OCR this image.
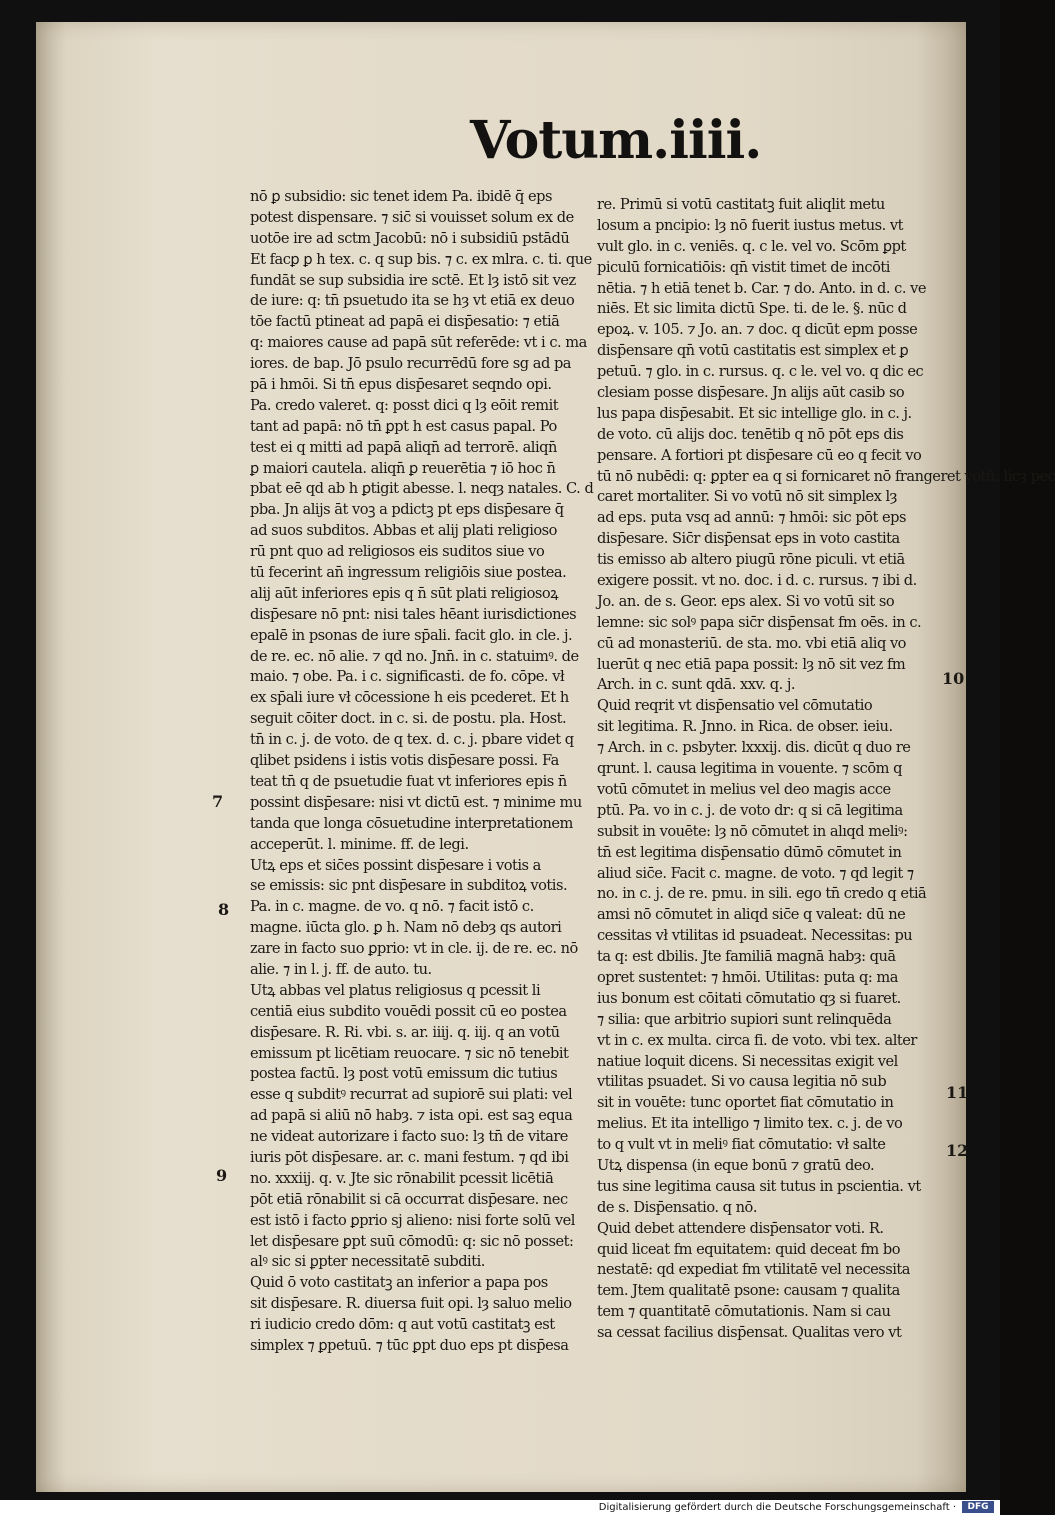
Votum.iiii.
nō ꝑ subsidio: sic tenet idem Pa. ibidē q̄ eps
potest dispensare. ⁊ sic̄ si vouisset solum ex de
uotōe ire ad sctm Jacobū: nō i subsidiū pstādū
Et facꝑ ꝑ h tex. c. q sup bis. ⁊ c. ex mlra. c. ti. que
fundāt se sup subsidia ire sctē. Et lȝ istō sit vez
de iure: q: tn̄ psuetudo ita se hȝ vt etiā ex deuo
tōe factū ptineat ad papā ei disp̄esatio: ⁊ etiā
q: maiores cause ad papā sūt referēde: vt i c. ma
iores. de bap. Jō psulo recurrēdū fore sg ad pa
pā i hmōi. Si tn̄ epus disp̄esaret seqndo opi.
Pa. credo valeret. q: posst dici q lȝ eōit remit
tant ad papā: nō tn̄ ꝑpt h est casus papal. Po
test ei q mitti ad papā aliqn̄ ad terrorē. aliqn̄
ꝑ maiori cautela. aliqn̄ ꝑ reuerētia ⁊ iō hoc n̄
pbat eē qd ab h ꝑtigit abesse. l. neqȝ natales. C. d
pba. Jn alijs āt voꝫ a pdictꝫ pt eps disp̄esare q̄
ad suos subditos. Abbas et alij plati religioso
rū pnt quo ad religiosos eis suditos siue vo
tū fecerint an̄ ingressum religiōis siue postea.
alij aūt inferiores epis q n̄ sūt plati religiosoꝝ
disp̄esare nō pnt: nisi tales hēant iurisdictiones
epalē in psonas de iure sp̄ali. facit glo. in cle. j.
de re. ec. nō alie. ⁊ qd no. Jnn̄. in c. statuimꝰ. de
maio. ⁊ obe. Pa. i c. significasti. de fo. cōpe. vł
ex sp̄ali iure vł cōcessione h eis pcederet. Et h
seguit cōiter doct. in c. si. de postu. pla. Host.
tn̄ in c. j. de voto. de q tex. d. c. j. pbare videt q
qlibet psidens i istis votis disp̄esare possi. Fa
teat tn̄ q de psuetudie fuat vt inferiores epis n̄
possint disp̄esare: nisi vt dictū est. ⁊ minime mu
tanda que longa cōsuetudine interpretationem
acceperūt. l. minime. ff. de legi.
Utꝝ eps et sic̄es possint disp̄esare i votis a
se emissis: sic pnt disp̄esare in subditoꝝ votis.
Pa. in c. magne. de vo. q nō. ⁊ facit istō c.
magne. iūcta glo. ꝑ h. Nam nō debȝ qs autori
zare in facto suo ꝑprio: vt in cle. ij. de re. ec. nō
alie. ⁊ in l. j. ff. de auto. tu.
Utꝝ abbas vel platus religiosus q pcessit li
centiā eius subdito vouēdi possit cū eo postea
disp̄esare. R. Ri. vbi. s. ar. iiij. q. iij. q an votū
emissum pt licētiam reuocare. ⁊ sic nō tenebit
postea factū. lȝ post votū emissum dic tutius
esse q subditꝰ recurrat ad supiorē sui plati: vel
ad papā si aliū nō habȝ. ⁊ ista opi. est saꝫ equa
ne videat autorizare i facto suo: lȝ tn̄ de vitare
iuris pōt disp̄esare. ar. c. mani festum. ⁊ qd ibi
no. xxxiij. q. v. Jte sic rōnabilit pcessit licētiā
pōt etiā rōnabilit si cā occurrat disp̄esare. nec
est istō i facto ꝑprio sj alieno: nisi forte solū vel
let disp̄esare ꝑpt suū cōmodū: q: sic nō posset:
alꝰ sic si ꝑpter necessitatē subditi.
Quid ō voto castitatꝫ an inferior a papa pos
sit disp̄esare. R. diuersa fuit opi. lȝ saluo melio
ri iudicio credo dōm: q aut votū castitatꝫ est
simplex ⁊ ꝑpetuū. ⁊ tūc ꝑpt duo eps pt disp̄esa
re. Primū si votū castitatꝫ fuit aliqlit metu
losum a pncipio: lȝ nō fuerit iustus metus. vt
vult glo. in c. veniēs. q. c le. vel vo. Scōm ꝑpt
piculū fornicatiōis: qn̄ vistit timet de incōti
nētia. ⁊ h etiā tenet b. Car. ⁊ do. Anto. in d. c. ve
niēs. Et sic limita dictū Spe. ti. de le. §. nūc d
epoꝝ. v. 105. ⁊ Jo. an. ⁊ doc. q dicūt epm posse
disp̄ensare qn̄ votū castitatis est simplex et ꝑ
petuū. ⁊ glo. in c. rursus. q. c le. vel vo. q dic ec
clesiam posse disp̄esare. Jn alijs aūt casib so
lus papa disp̄esabit. Et sic intellige glo. in c. j.
de voto. cū alijs doc. tenētib q nō pōt eps dis
pensare. A fortiori pt disp̄esare cū eo q fecit vo
tū nō nubēdi: q: ꝑpter ea q si fornicaret nō frangeret votū: licȝ pec
caret mortaliter. Si vo votū nō sit simplex lȝ
ad eps. puta vsq ad annū: ⁊ hmōi: sic pōt eps
disp̄esare. Sic̄r disp̄ensat eps in voto castita
tis emisso ab altero piugū rōne piculi. vt etiā
exigere possit. vt no. doc. i d. c. rursus. ⁊ ibi d.
Jo. an. de s. Geor. eps alex. Si vo votū sit so
lemne: sic solꝰ papa sic̄r disp̄ensat fm oēs. in c.
cū ad monasteriū. de sta. mo. vbi etiā aliq vo
luerūt q nec etiā papa possit: lȝ nō sit vez fm
Arch. in c. sunt qdā. xxv. q. j.
Quid reqrit vt disp̄ensatio vel cōmutatio
sit legitima. R. Jnno. in Rica. de obser. ieiu.
⁊ Arch. in c. psbyter. lxxxij. dis. dicūt q duo re
qrunt. l. causa legitima in vouente. ⁊ scōm q
votū cōmutet in melius vel deo magis acce
ptū. Pa. vo in c. j. de voto dr: q si cā legitima
subsit in vouēte: lȝ nō cōmutet in alıqd meliꝰ:
tn̄ est legitima disp̄ensatio dūmō cōmutet in
aliud sic̄e. Facit c. magne. de voto. ⁊ qd legit ⁊
no. in c. j. de re. pmu. in sili. ego tn̄ credo q etiā
amsi nō cōmutet in aliqd sic̄e q valeat: dū ne
cessitas vł vtilitas id psuadeat. Necessitas: pu
ta q: est dbilis. Jte familiā magnā habȝ: quā
opret sustentet: ⁊ hmōi. Utilitas: puta q: ma
ius bonum est cōitati cōmutatio qȝ si fuaret.
⁊ silia: que arbitrio supiori sunt relinquēda
vt in c. ex multa. circa fi. de voto. vbi tex. alter
natiue loquit dicens. Si necessitas exigit vel
vtilitas psuadet. Si vo causa legitia nō sub
sit in vouēte: tunc oportet fiat cōmutatio in
melius. Et ita intelligo ⁊ limito tex. c. j. de vo
to q vult vt in meliꝰ fiat cōmutatio: vł salte
Utꝝ dispensa (in eque bonū ⁊ gratū deo.
tus sine legitima causa sit tutus in pscientia. vt
de s. Disp̄ensatio. q nō.
Quid debet attendere disp̄ensator voti. R.
quid liceat fm equitatem: quid deceat fm bo
nestatē: qd expediat fm vtilitatē vel necessita
tem. Jtem qualitatē psone: causam ⁊ qualita
tem ⁊ quantitatē cōmutationis. Nam si cau
sa cessat facilius disp̄ensat. Qualitas vero vt
7
8
9
10
11
12
Digitalisierung gefördert durch die Deutsche Forschungsgemeinschaft ·	DFG
